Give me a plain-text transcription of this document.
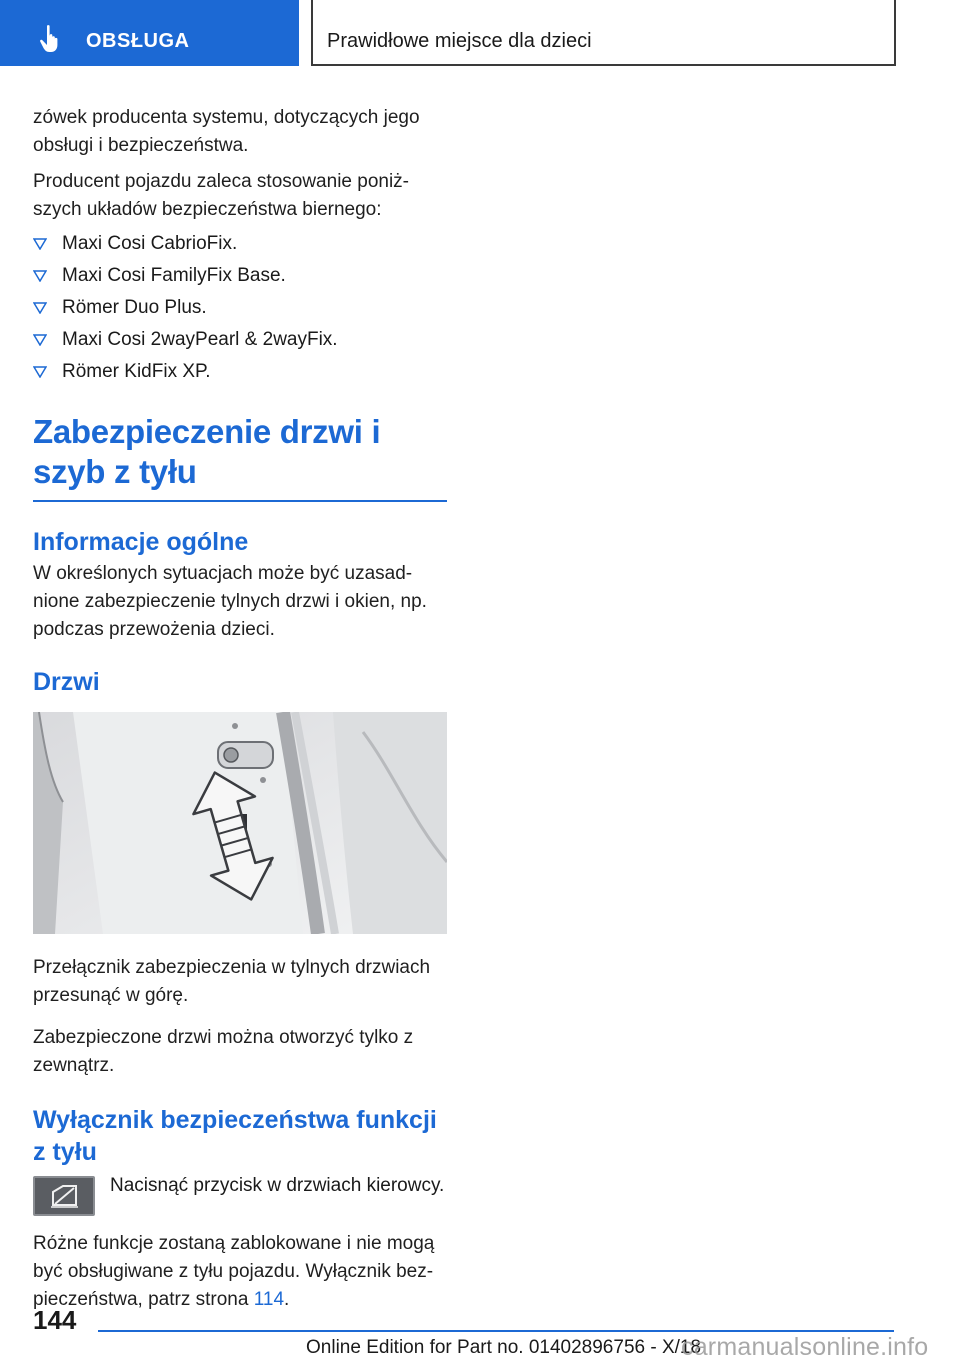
OBSŁUGA	Prawidłowe miejsce dla dzieci

zówek producenta systemu, dotyczących jego obsługi i bezpieczeństwa.

Producent pojazdu zaleca stosowanie poniż- szych układów bezpieczeństwa biernego:

Maxi Cosi CabrioFix.
Maxi Cosi FamilyFix Base.
Römer Duo Plus.
Maxi Cosi 2wayPearl & 2wayFix.
Römer KidFix XP.
Zabezpieczenie drzwi i szyb z tyłu
Informacje ogólne

W określonych sytuacjach może być uzasad- nione zabezpieczenie tylnych drzwi i okien, np. podczas przewożenia dzieci.

Drzwi

Przełącznik zabezpieczenia w tylnych drzwiach przesunąć w górę.

Zabezpieczone drzwi można otworzyć tylko z zewnątrz.

Wyłącznik bezpieczeństwa funkcji z tyłu
Nacisnąć przycisk w drzwiach kierowcy.

Różne funkcje zostaną zablokowane i nie mogą być obsługiwane z tyłu pojazdu. Wyłącznik bez- pieczeństwa, patrz strona 114.

144
Online Edition for Part no. 01402896756 - X/18
carmanualsonline.info
